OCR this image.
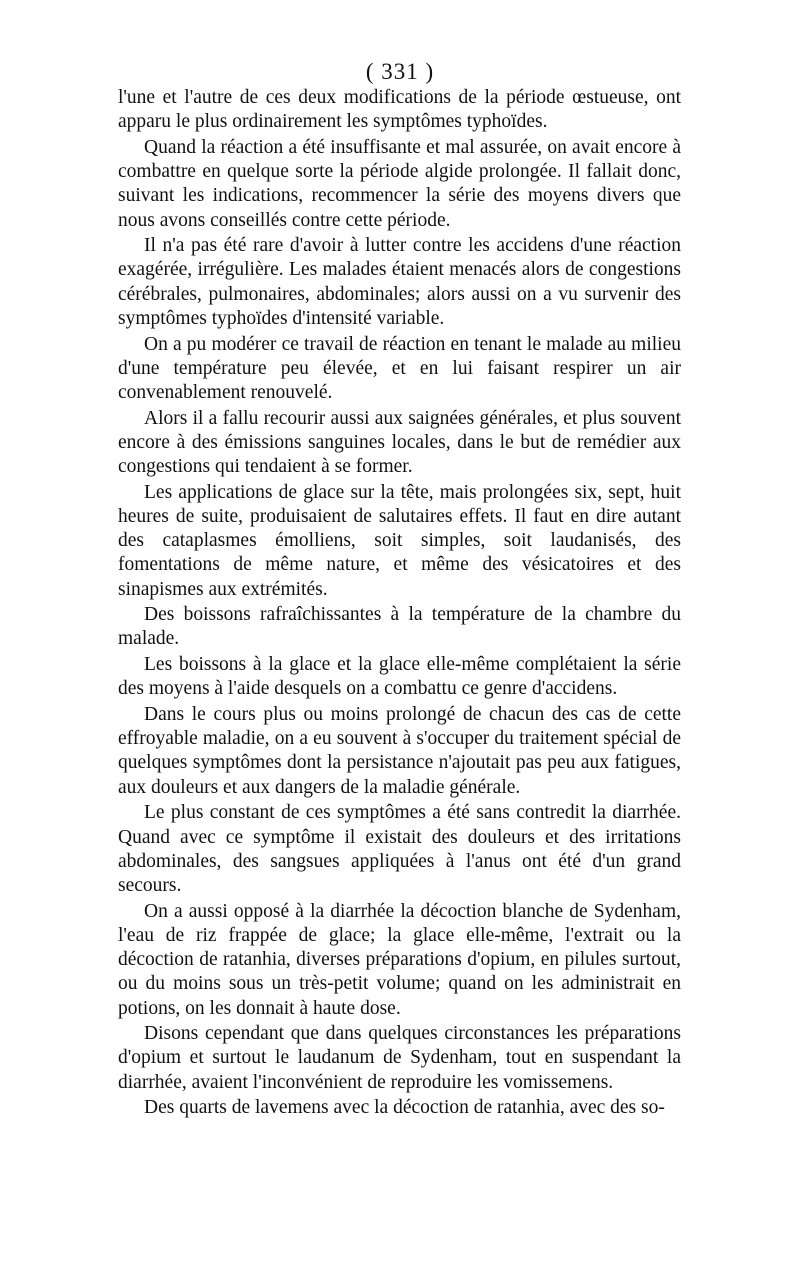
( 331 )

l'une et l'autre de ces deux modifications de la période œstueuse, ont apparu le plus ordinairement les symptômes typhoïdes.

Quand la réaction a été insuffisante et mal assurée, on avait encore à combattre en quelque sorte la période algide prolongée. Il fallait donc, suivant les indications, recommencer la série des moyens divers que nous avons conseillés contre cette période.

Il n'a pas été rare d'avoir à lutter contre les accidens d'une réaction exagérée, irrégulière. Les malades étaient menacés alors de congestions cérébrales, pulmonaires, abdominales; alors aussi on a vu survenir des symptômes typhoïdes d'intensité variable.

On a pu modérer ce travail de réaction en tenant le malade au milieu d'une température peu élevée, et en lui faisant respirer un air convenablement renouvelé.

Alors il a fallu recourir aussi aux saignées générales, et plus souvent encore à des émissions sanguines locales, dans le but de remédier aux congestions qui tendaient à se former.

Les applications de glace sur la tête, mais prolongées six, sept, huit heures de suite, produisaient de salutaires effets. Il faut en dire autant des cataplasmes émolliens, soit simples, soit laudanisés, des fomentations de même nature, et même des vésicatoires et des sinapismes aux extrémités.

Des boissons rafraîchissantes à la température de la chambre du malade.

Les boissons à la glace et la glace elle-même complétaient la série des moyens à l'aide desquels on a combattu ce genre d'accidens.

Dans le cours plus ou moins prolongé de chacun des cas de cette effroyable maladie, on a eu souvent à s'occuper du traitement spécial de quelques symptômes dont la persistance n'ajoutait pas peu aux fatigues, aux douleurs et aux dangers de la maladie générale.

Le plus constant de ces symptômes a été sans contredit la diarrhée. Quand avec ce symptôme il existait des douleurs et des irritations abdominales, des sangsues appliquées à l'anus ont été d'un grand secours.

On a aussi opposé à la diarrhée la décoction blanche de Sydenham, l'eau de riz frappée de glace; la glace elle-même, l'extrait ou la décoction de ratanhia, diverses préparations d'opium, en pilules surtout, ou du moins sous un très-petit volume; quand on les administrait en potions, on les donnait à haute dose.

Disons cependant que dans quelques circonstances les préparations d'opium et surtout le laudanum de Sydenham, tout en suspendant la diarrhée, avaient l'inconvénient de reproduire les vomissemens.

Des quarts de lavemens avec la décoction de ratanhia, avec des so-
